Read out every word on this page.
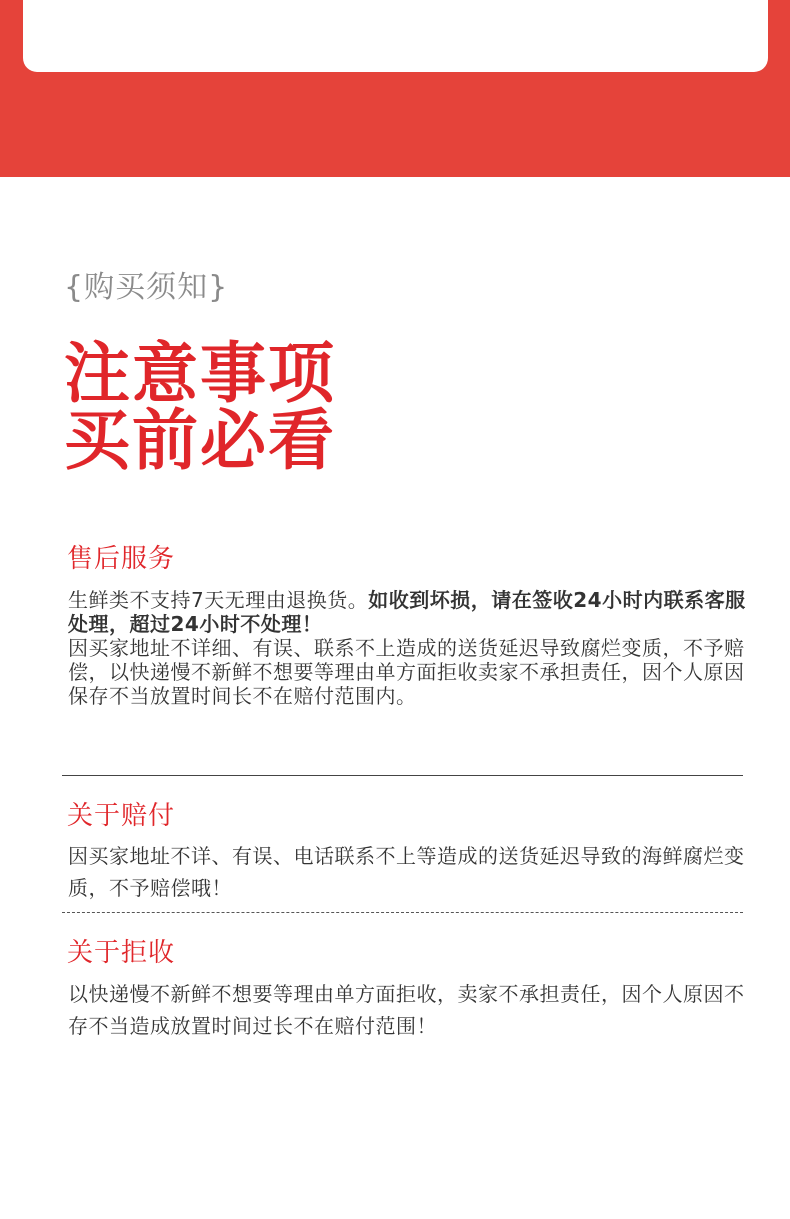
{购买须知}
注意事项
买前必看
售后服务

生鲜类不支持7天无理由退换货。如收到坏损，请在签收24小时内联系客服处理，超过24小时不处理！
因买家地址不详细、有误、联系不上造成的送货延迟导致腐烂变质，不予赔偿，以快递慢不新鲜不想要等理由单方面拒收卖家不承担责任，因个人原因保存不当放置时间长不在赔付范围内。

关于赔付

因买家地址不详、有误、电话联系不上等造成的送货延迟导致的海鲜腐烂变质，不予赔偿哦！

关于拒收

以快递慢不新鲜不想要等理由单方面拒收，卖家不承担责任，因个人原因不存不当造成放置时间过长不在赔付范围！
